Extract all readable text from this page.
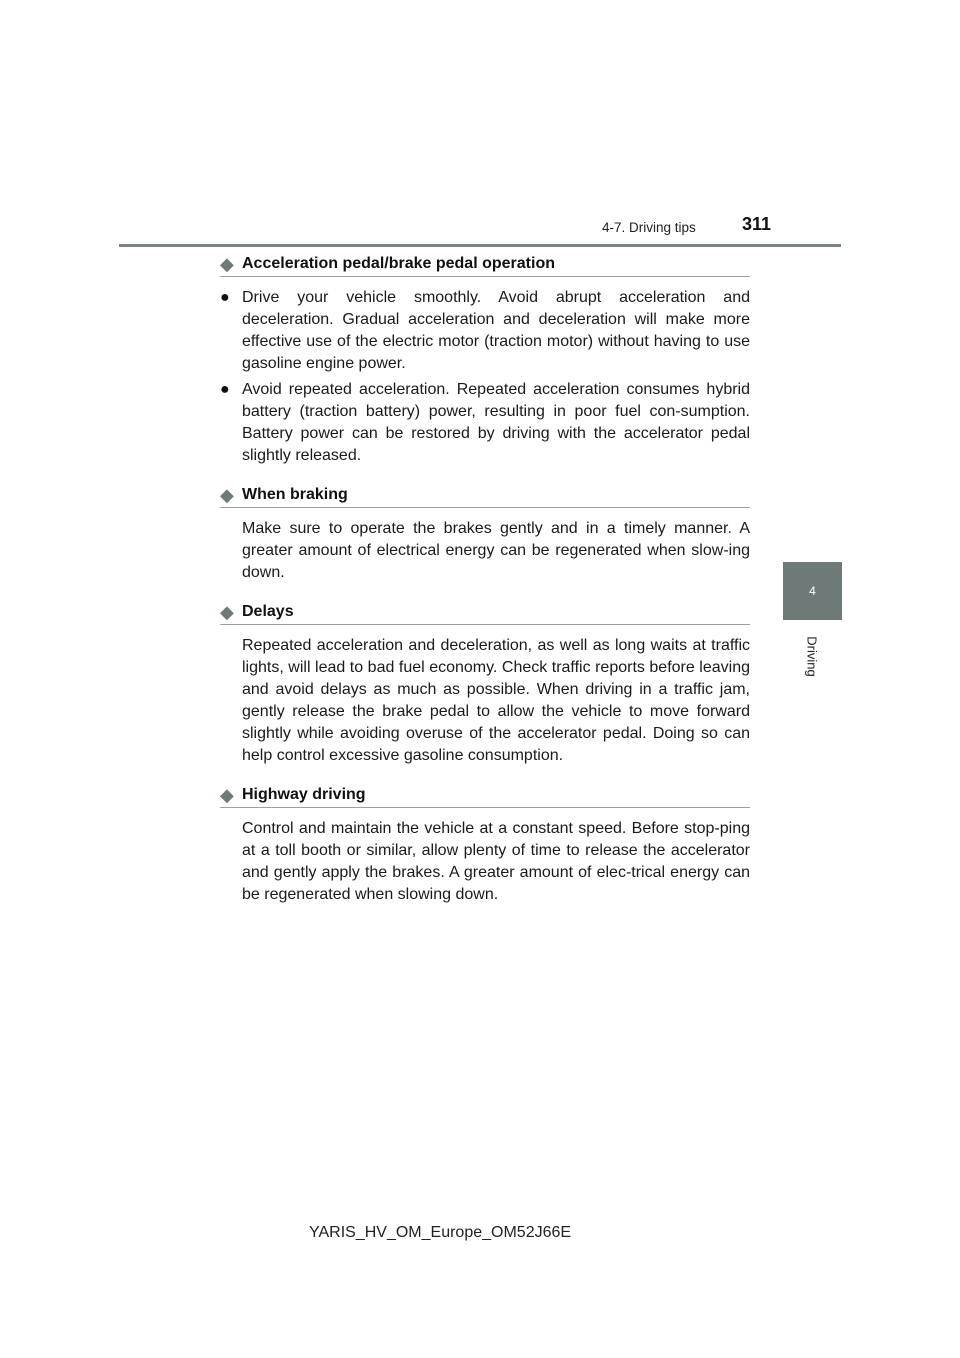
4-7. Driving tips	311
4
Driving
◆ Acceleration pedal/brake pedal operation
● Drive your vehicle smoothly. Avoid abrupt acceleration and deceleration. Gradual acceleration and deceleration will make more effective use of the electric motor (traction motor) without having to use gasoline engine power.
● Avoid repeated acceleration. Repeated acceleration consumes hybrid battery (traction battery) power, resulting in poor fuel con-sumption. Battery power can be restored by driving with the accelerator pedal slightly released.
◆ When braking
Make sure to operate the brakes gently and in a timely manner. A greater amount of electrical energy can be regenerated when slow-ing down.
◆ Delays
Repeated acceleration and deceleration, as well as long waits at traffic lights, will lead to bad fuel economy. Check traffic reports before leaving and avoid delays as much as possible. When driving in a traffic jam, gently release the brake pedal to allow the vehicle to move forward slightly while avoiding overuse of the accelerator pedal. Doing so can help control excessive gasoline consumption.
◆ Highway driving
Control and maintain the vehicle at a constant speed. Before stop-ping at a toll booth or similar, allow plenty of time to release the accelerator and gently apply the brakes. A greater amount of elec-trical energy can be regenerated when slowing down.
YARIS_HV_OM_Europe_OM52J66E
